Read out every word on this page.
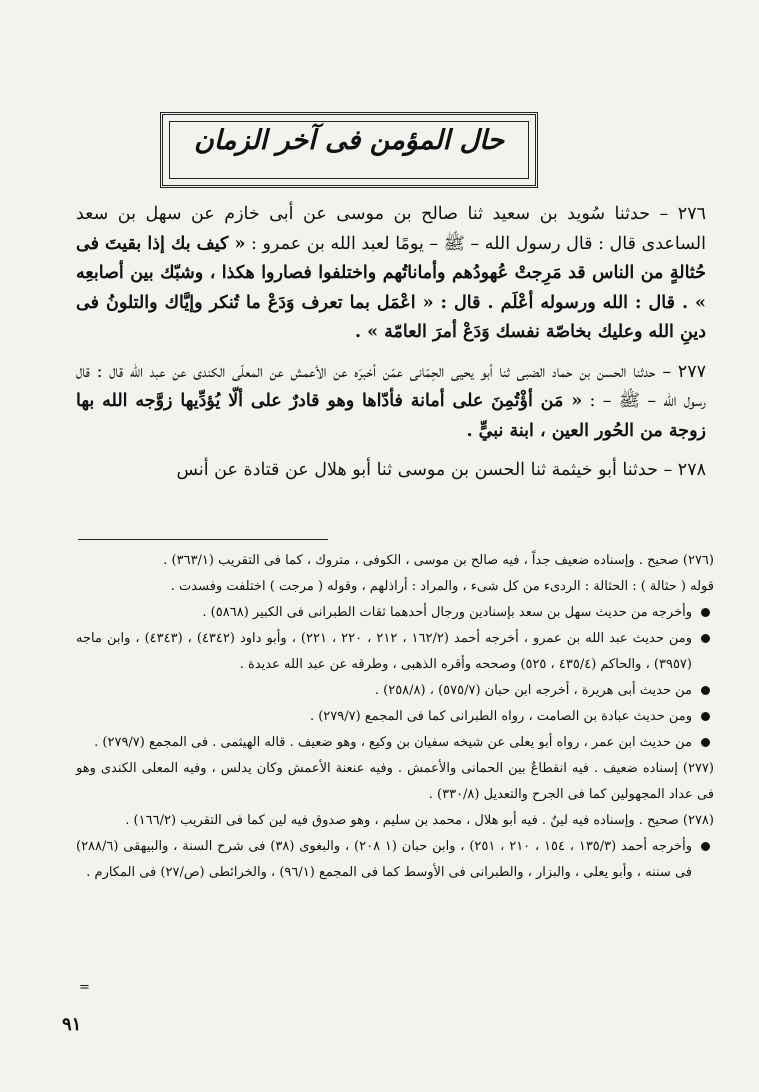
حال المؤمن فى آخر الزمان

٢٧٦ – حدثنا سُويد بن سعيد ثنا صالح بن موسى عن أبى خازم عن سهل بن سعد الساعدى قال : قال رسول الله – ﷺ – يومًا لعبد الله بن عمرو : « كيف بك إذا بقيتَ فى حُثالةٍ من الناس قد مَرِجتْ عُهودُهم وأماناتُهم واختلفوا فصاروا هكذا ، وشبّك بين أصابعِه » . قال : الله ورسوله أعْلَم . قال : « اعْمَل بما تعرف وَدَعْ ما تُنكر وإيَّاك والتلونُ فى دينِ الله وعليك بخاصّة نفسك وَدَعْ أمرَ العامّة » .

٢٧٧ – حدثنا الحسن بن حماد الضبى ثنا أبو يحيى الحِمّانى عمّن أخبرَه عن الأعمش عن المعلّى الكندى عن عبد الله قال : قال رسول الله – ﷺ – : « مَن أؤْتُمِنَ على أمانة فأدّاها وهو قادرٌ على ألّا يُؤدِّيها زوَّجه الله بها زوجة من الحُور العين ، ابنة نبيٍّ .

٢٧٨ – حدثنا أبو خيثمة ثنا الحسن بن موسى ثنا أبو هلال عن قتادة عن أنس

(٢٧٦) صحيح . وإسناده ضعيف جداً ، فيه صالح بن موسى ، الكوفى ، متروك ، كما فى التقريب (٣٦٣/١) .

قوله ( حثالة ) : الحثالة : الردىء من كل شىء ، والمراد : أراذلهم ، وقوله ( مرجت ) اختلفت وفسدت .

وأخرجه من حديث سهل بن سعد بإسنادين ورجال أحدهما ثقات الطبرانى فى الكبير (٥٨٦٨) .

ومن حديث عبد الله بن عمرو ، أخرجه أحمد (١٦٢/٢ ، ٢١٢ ، ٢٢٠ ، ٢٢١) ، وأبو داود (٤٣٤٢) ، (٤٣٤٣) ، وابن ماجه (٣٩٥٧) ، والحاكم (٤٣٥/٤ ، ٥٢٥) وصححه وأقره الذهبى ، وطرقه عن عبد الله عديدة .

من حديث أبى هريرة ، أخرجه ابن حبان (٥٧٥/٧) ، (٢٥٨/٨) .

ومن حديث عبادة بن الصامت ، رواه الطبرانى كما فى المجمع (٢٧٩/٧) .

من حديث ابن عمر ، رواه أبو يعلى عن شيخه سفيان بن وكيع ، وهو ضعيف . قاله الهيثمى . فى المجمع (٢٧٩/٧) .

(٢٧٧) إسناده ضعيف . فيه انقطاعٌ بين الحمانى والأعمش . وفيه عنعنة الأعمش وكان يدلس ، وفيه المعلى الكندى وهو فى عداد المجهولين كما فى الجرح والتعديل (٣٣٠/٨) .

(٢٧٨) صحيح . وإسناده فيه لينٌ . فيه أبو هلال ، محمد بن سليم ، وهو صدوق فيه لين كما فى التقريب (١٦٦/٢) .

وأخرجه أحمد (١٣٥/٣ ، ١٥٤ ، ٢١٠ ، ٢٥١) ، وابن حبان (١ ٢٠٨) ، والبغوى (٣٨) فى شرح السنة ، والبيهقى (٢٨٨/٦) فى سننه ، وأبو يعلى ، والبزار ، والطبرانى فى الأوسط كما فى المجمع (٩٦/١) ، والخرائطى (ص/٢٧) فى المكارم .

=
٩١
